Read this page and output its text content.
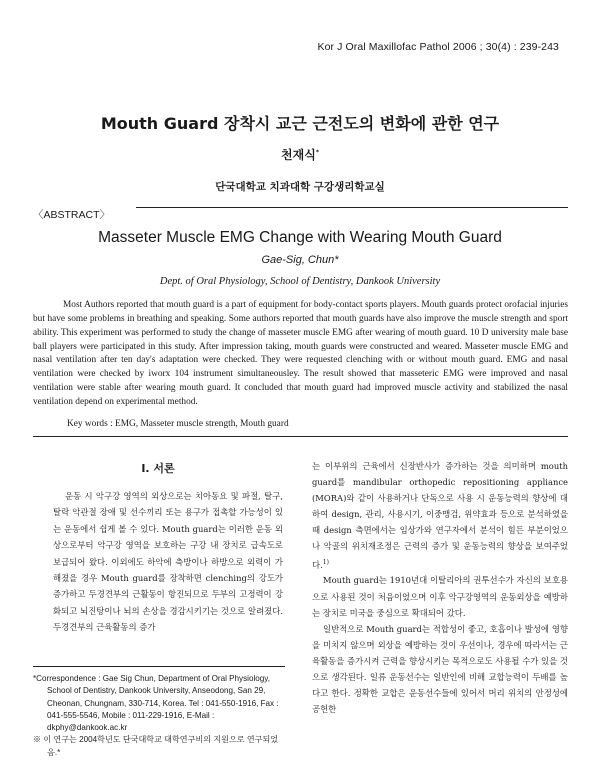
Kor J Oral Maxillofac Pathol 2006 ; 30(4) : 239-243
Mouth Guard 장착시 교근 근전도의 변화에 관한 연구
천재식*
단국대학교 치과대학 구강생리학교실
〈ABSTRACT〉
Masseter Muscle EMG Change with Wearing Mouth Guard
Gae-Sig, Chun*
Dept. of Oral Physiology, School of Dentistry, Dankook University
Most Authors reported that mouth guard is a part of equipment for body-contact sports players. Mouth guards protect orofacial injuries but have some problems in breathing and speaking. Some authors reported that mouth guards have also improve the muscle strength and sport ability. This experiment was performed to study the change of masseter muscle EMG after wearing of mouth guard. 10 D university male base ball players were participated in this study. After impression taking, mouth guards were constructed and weared. Masseter muscle EMG and nasal ventilation after ten day's adaptation were checked. They were requested clenching with or without mouth guard. EMG and nasal ventilation were checked by iworx 104 instrument simultaneousley. The result showed that masseteric EMG were improved and nasal ventilation were stable after wearing mouth guard. It concluded that mouth guard had improved muscle activity and stabilized the nasal ventilation depend on experimental method.
Key words : EMG, Masseter muscle strength, Mouth guard
I. 서론
운동 시 악구강 영역의 외상으로는 치아동요 및 파절, 탈구, 탈락 악관절 장애 및 선수끼리 또는 용구가 접촉할 가능성이 있는 운동에서 쉽게 볼 수 있다. Mouth guard는 이러한 운동 외상으로부터 악구강 영역을 보호하는 구강 내 장치로 급속도로 보급되어 왔다. 이외에도 하악에 측방이나 하방으로 외력이 가해졌을 경우 Mouth guard를 장착하면 clenching의 강도가 증가하고 두경견부의 근활동이 항진되므로 두부의 고정력이 강화되고 뇌진탕이나 뇌의 손상을 경감시키기는 것으로 알려졌다. 두경견부의 근육활동의 증가

는 이부위의 근육에서 신장반사가 증가하는 것을 의미하며 mouth guard를 mandibular orthopedic repositioning appliance (MORA)와 같이 사용하거나 단독으로 사용 시 운동능력의 향상에 대하여 design, 관리, 사용시기, 이중맹검, 위약효과 등으로 분석하였을 때 design 측면에서는 임상가와 연구자에서 분석이 힘든 부분이었으나 악골의 위치재조정은 근력의 증가 및 운동능력의 향상을 보여주었다.$^{1)}$

Mouth guard는 1910년대 이탈리아의 권투선수가 자신의 보호용으로 사용된 것이 처음이었으며 이후 악구강영역의 운동외상을 예방하는 장치로 미국을 중심으로 확대되어 갔다.

일반적으로 Mouth guard는 적합성이 좋고, 호흡이나 발성에 영향을 미치지 않으며 외상을 예방하는 것이 우선이나, 경우에 따라서는 근육활동을 증가시켜 근력을 향상시키는 목적으로도 사용될 수가 있을 것으로 생각된다. 일류 운동선수는 일반인에 비해 교합능력이 두배를 높다고 한다. 정확한 교합은 운동선수들에 있어서 머리 위치의 안정성에 공헌한

*Correspondence : Gae Sig Chun, Department of Oral Physiology, School of Dentistry, Dankook University, Anseodong, San 29, Cheonan, Chungnam, 330-714, Korea. Tel : 041-550-1916, Fax : 041-555-5546, Mobile : 011-229-1916, E-Mail : dkphy@dankook.ac.kr

※ 이 연구는 2004학년도 단국대학교 대학연구비의 지원으로 연구되었음.*
